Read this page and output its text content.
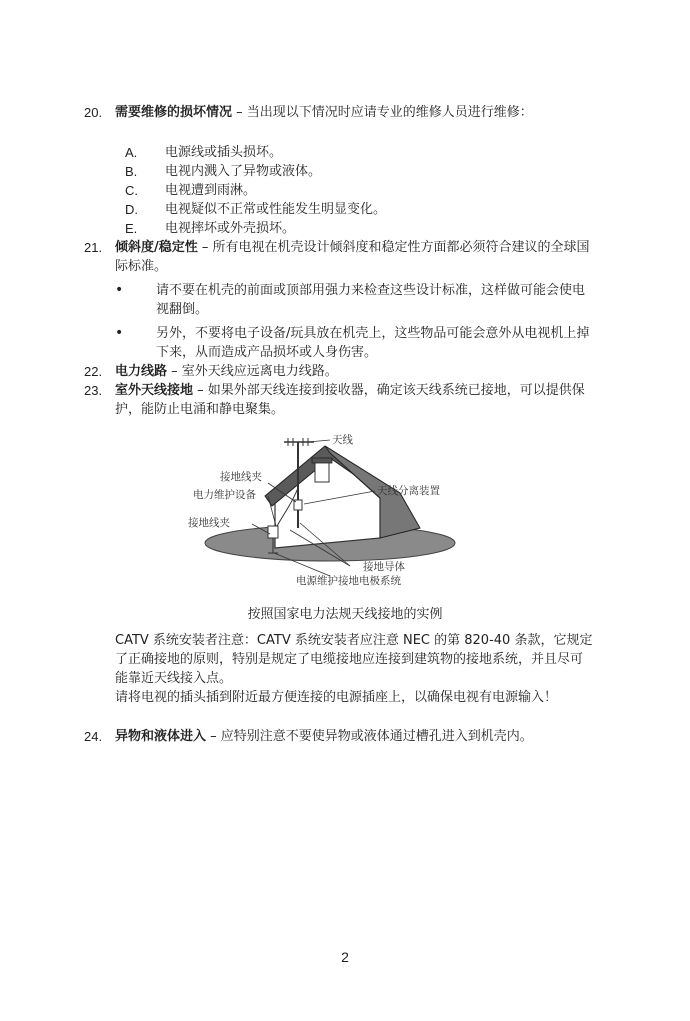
20. 需要维修的损坏情况 – 当出现以下情况时应请专业的维修人员进行维修：
A. 电源线或插头损坏。
B. 电视内溅入了异物或液体。
C. 电视遭到雨淋。
D. 电视疑似不正常或性能发生明显变化。
E. 电视摔坏或外壳损坏。
21. 倾斜度/稳定性 – 所有电视在机壳设计倾斜度和稳定性方面都必须符合建议的全球国际标准。
•	请不要在机壳的前面或顶部用强力来检查这些设计标准，这样做可能会使电视翻倒。
•	另外，不要将电子设备/玩具放在机壳上，这些物品可能会意外从电视机上掉下来，从而造成产品损坏或人身伤害。
22. 电力线路 – 室外天线应远离电力线路。
23. 室外天线接地 – 如果外部天线连接到接收器，确定该天线系统已接地，可以提供保护，能防止电涌和静电聚集。
天线
接地线夹
电力维护设备
接地线夹
天线分离装置
接地导体
电源维护接地电极系统
按照国家电力法规天线接地的实例
CATV 系统安装者注意：CATV 系统安装者应注意 NEC 的第 820-40 条款，它规定了正确接地的原则，特别是规定了电缆接地应连接到建筑物的接地系统，并且尽可能靠近天线接入点。
请将电视的插头插到附近最方便连接的电源插座上，以确保电视有电源输入！
24. 异物和液体进入 – 应特别注意不要使异物或液体通过槽孔进入到机壳内。
2
